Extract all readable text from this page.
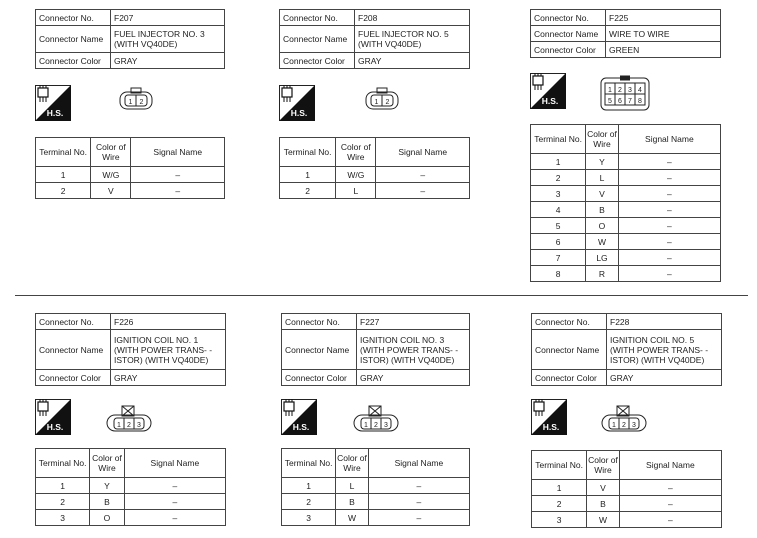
Connector No.	F207
Connector Name	FUEL INJECTOR NO. 3 (WITH VQ40DE)
Connector Color	GRAY
H.S.
1 2
Terminal No.	Color of Wire	Signal Name
1	W/G	–
2	V	–
Connector No.	F208
Connector Name	FUEL INJECTOR NO. 5 (WITH VQ40DE)
Connector Color	GRAY
H.S.
1 2
Terminal No.	Color of Wire	Signal Name
1	W/G	–
2	L	–
Connector No.	F225
Connector Name	WIRE TO WIRE
Connector Color	GREEN
H.S.
1 2 3 4
5 6 7 8
Terminal No.	Color of Wire	Signal Name
1	Y	–
2	L	–
3	V	–
4	B	–
5	O	–
6	W	–
7	LG	–
8	R	–
Connector No.	F226
Connector Name	IGNITION COIL NO. 1 (WITH POWER TRANS- -ISTOR) (WITH VQ40DE)
Connector Color	GRAY
H.S.	1 2 3
Terminal No.	Color of Wire	Signal Name
1	Y	–
2	B	–
3	O	–
Connector No.	F227
Connector Name	IGNITION COIL NO. 3 (WITH POWER TRANS- -ISTOR) (WITH VQ40DE)
Connector Color	GRAY
H.S.	1 2 3
Terminal No.	Color of Wire	Signal Name
1	L	–
2	B	–
3	W	–
Connector No.	F228
Connector Name	IGNITION COIL NO. 5 (WITH POWER TRANS- -ISTOR) (WITH VQ40DE)
Connector Color	GRAY
H.S.	1 2 3
Terminal No.	Color of Wire	Signal Name
1	V	–
2	B	–
3	W	–
